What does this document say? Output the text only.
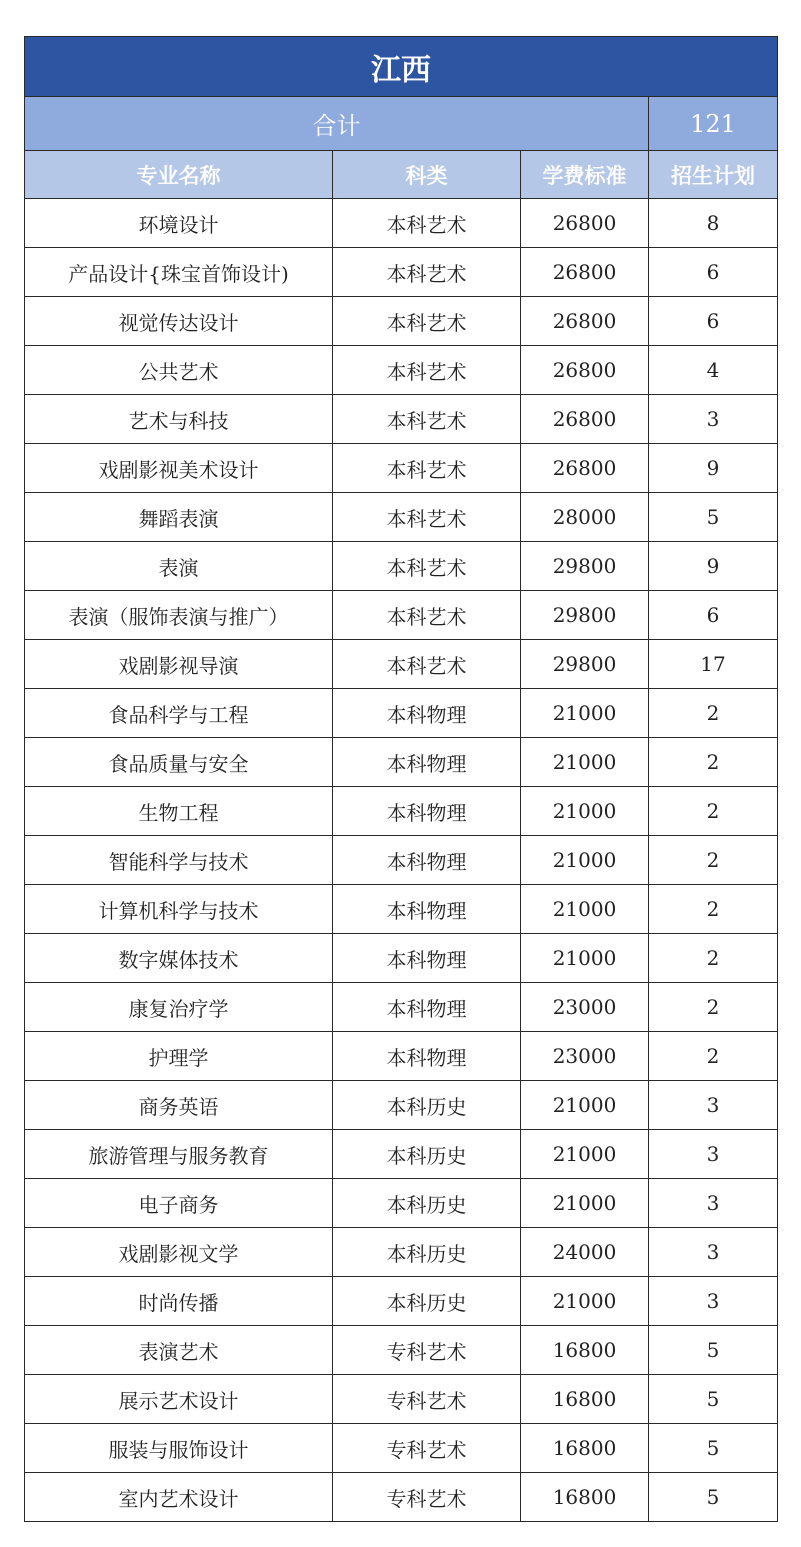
江西			
合计			121
专业名称	科类	学费标准	招生计划
环境设计	本科艺术	26800	8
产品设计{珠宝首饰设计)	本科艺术	26800	6
视觉传达设计	本科艺术	26800	6
公共艺术	本科艺术	26800	4
艺术与科技	本科艺术	26800	3
戏剧影视美术设计	本科艺术	26800	9
舞蹈表演	本科艺术	28000	5
表演	本科艺术	29800	9
表演（服饰表演与推广）	本科艺术	29800	6
戏剧影视导演	本科艺术	29800	17
食品科学与工程	本科物理	21000	2
食品质量与安全	本科物理	21000	2
生物工程	本科物理	21000	2
智能科学与技术	本科物理	21000	2
计算机科学与技术	本科物理	21000	2
数字媒体技术	本科物理	21000	2
康复治疗学	本科物理	23000	2
护理学	本科物理	23000	2
商务英语	本科历史	21000	3
旅游管理与服务教育	本科历史	21000	3
电子商务	本科历史	21000	3
戏剧影视文学	本科历史	24000	3
时尚传播	本科历史	21000	3
表演艺术	专科艺术	16800	5
展示艺术设计	专科艺术	16800	5
服装与服饰设计	专科艺术	16800	5
室内艺术设计	专科艺术	16800	5
